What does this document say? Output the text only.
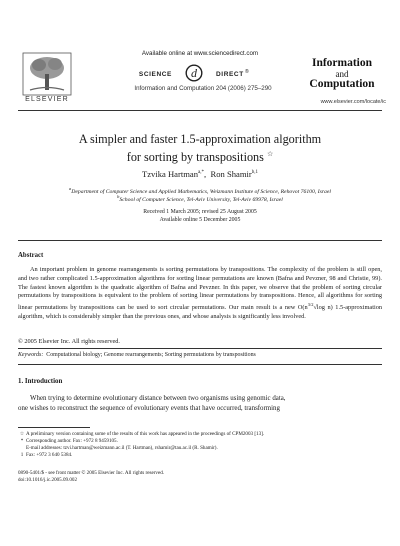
ELSEVIER
Available online at www.sciencedirect.com
SCIENCE d	DIRECT ®
Information and Computation 204 (2006) 275–290
Information
and
Computation
www.elsevier.com/locate/ic
A simpler and faster 1.5-approximation algorithm
for sorting by transpositions ☆
Tzvika Hartman$^{a,*}$, Ron Shamir$^{b,1}$
$^a$Department of Computer Science and Applied Mathematics, Weizmann Institute of Science, Rehovot 76100, Israel
$^b$School of Computer Science, Tel-Aviv University, Tel-Aviv 69978, Israel
Received 1 March 2005; revised 25 August 2005
Available online 5 December 2005
Abstract

An important problem in genome rearrangements is sorting permutations by transpositions. The complexity of the problem is still open, and two rather complicated 1.5-approximation algorithms for sorting linear permutations are known (Bafna and Pevzner, 98 and Christie, 99). The fastest known algorithm is the quadratic algorithm of Bafna and Pevzner. In this paper, we observe that the problem of sorting circular permutations by transpositions is equivalent to the problem of sorting linear permutations by transpositions. Hence, all algorithms for sorting linear permutations by transpositions can be used to sort circular permutations. Our main result is a new $O(n^{3/2}√\log$ n) 1.5-approximation algorithm, which is considerably simpler than the previous ones, and whose analysis is significantly less involved.

© 2005 Elsevier Inc. All rights reserved.
Keywords: Computational biology; Genome rearrangements; Sorting permutations by transpositions
1. Introduction
When trying to determine evolutionary distance between two organisms using genomic data,
one wishes to reconstruct the sequence of evolutionary events that have occurred, transforming
☆ A preliminary version containing some of the results of this work has appeared in the proceedings of CPM2003 [13].
* Corresponding author. Fax: +972 8 9459105.
E-mail addresses: tzvi.hartman@weizmann.ac.il (T. Hartman), rshamir@tau.ac.il (R. Shamir).
1 Fax: +972 3 640 5384.
0890-5401/$ - see front matter © 2005 Elsevier Inc. All rights reserved.
doi:10.1016/j.ic.2005.09.002
